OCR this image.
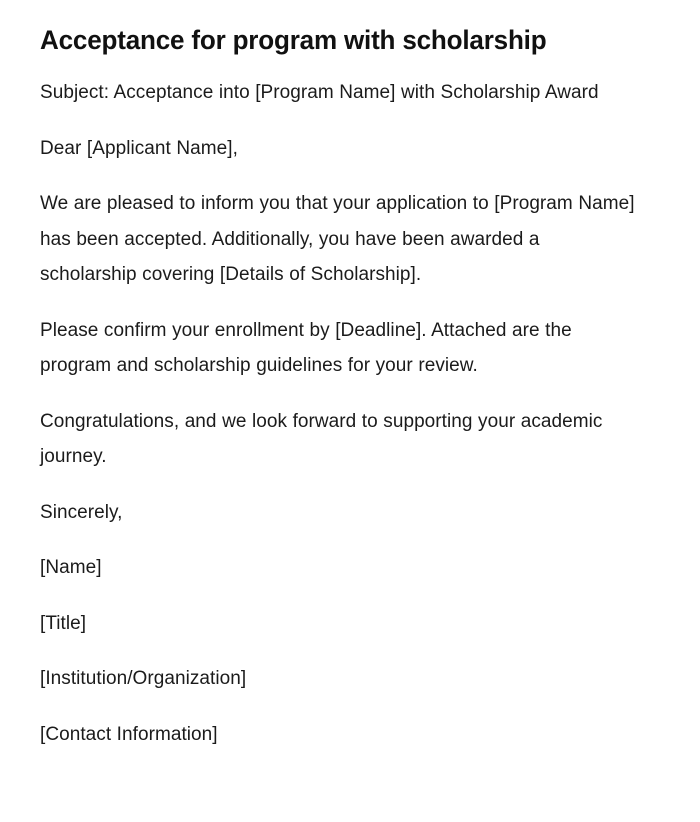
Acceptance for program with scholarship

Subject: Acceptance into [Program Name] with Scholarship Award

Dear [Applicant Name],

We are pleased to inform you that your application to [Program Name] has been accepted. Additionally, you have been awarded a scholarship covering [Details of Scholarship].

Please confirm your enrollment by [Deadline]. Attached are the program and scholarship guidelines for your review.

Congratulations, and we look forward to supporting your academic journey.

Sincerely,

[Name]

[Title]

[Institution/Organization]

[Contact Information]
